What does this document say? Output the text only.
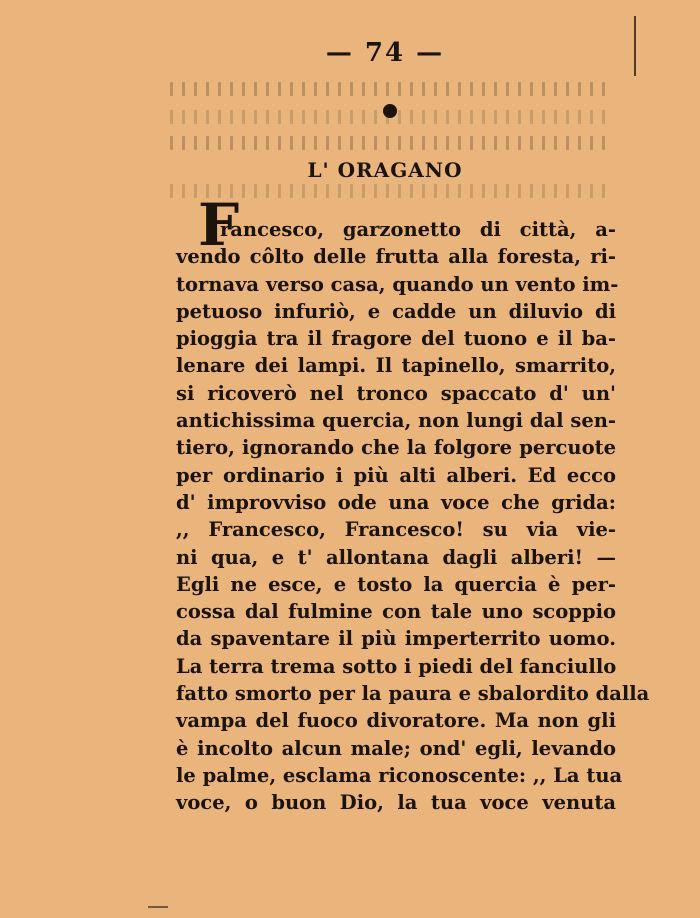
— 74 —
L' ORAGANO
F
rancesco, garzonetto di città, a-
vendo côlto delle frutta alla foresta, ri-
tornava verso casa, quando un vento im-
petuoso infuriò, e cadde un diluvio di
pioggia tra il fragore del tuono e il ba-
lenare dei lampi. Il tapinello, smarrito,
si ricoverò nel tronco spaccato d' un'
antichissima quercia, non lungi dal sen-
tiero, ignorando che la folgore percuote
per ordinario i più alti alberi. Ed ecco
d' improvviso ode una voce che grida:
,, Francesco, Francesco! su via vie-
ni qua, e t' allontana dagli alberi! —
Egli ne esce, e tosto la quercia è per-
cossa dal fulmine con tale uno scoppio
da spaventare il più imperterrito uomo.
La terra trema sotto i piedi del fanciullo
fatto smorto per la paura e sbalordito dalla
vampa del fuoco divoratore. Ma non gli
è incolto alcun male; ond' egli, levando
le palme, esclama riconoscente: ,, La tua
voce, o buon Dio, la tua voce venuta
